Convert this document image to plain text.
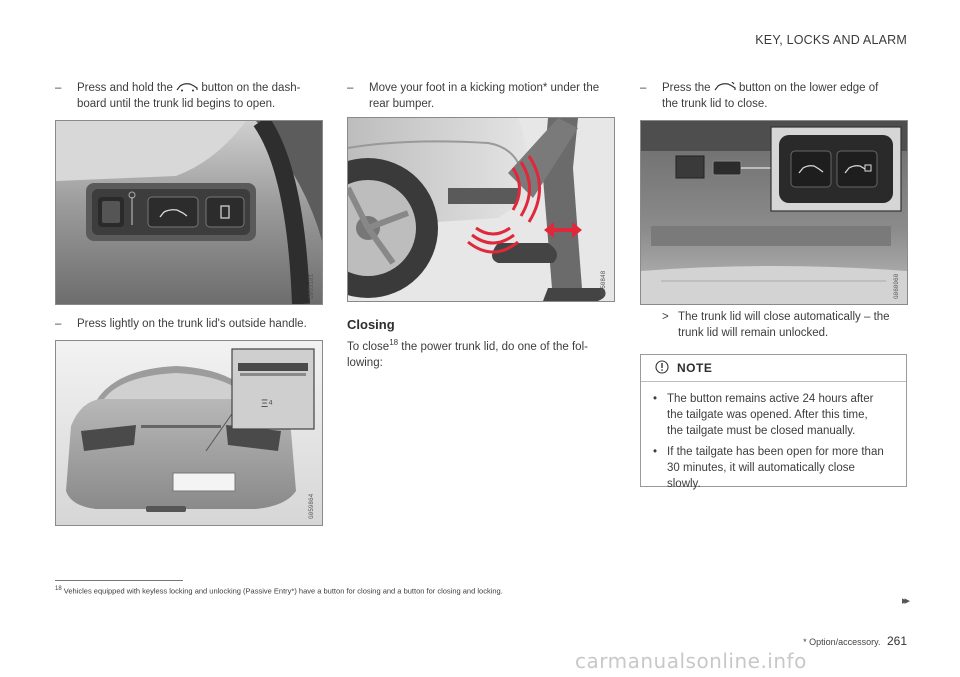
KEY, LOCKS AND ALARM
– Press and hold the button on the dash-
board until the trunk lid begins to open.
G053181
– Press lightly on the trunk lid's outside handle.
Ξ⁴
G059864
– Move your foot in a kicking motion* under the
rear bumper.
G050848
Closing
To close$^{18}$ the power trunk lid, do one of the fol-
lowing:
– Press the button on the lower edge of
the trunk lid to close.
G060060
> The trunk lid will close automatically – the
trunk lid will remain unlocked.
NOTE
• The button remains active 24 hours after
the tailgate was opened. After this time,
the tailgate must be closed manually.
• If the tailgate has been open for more than
30 minutes, it will automatically close
slowly.
$^{18}$ Vehicles equipped with keyless locking and unlocking (Passive Entry*) have a button for closing and a button for closing and locking.
▸▸
* Option/accessory. 261
carmanualsonline.info
